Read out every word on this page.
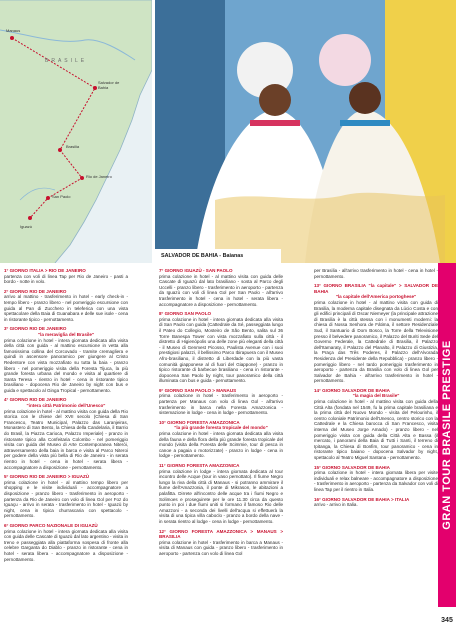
BRASILE
Manaus
Salvador de Bahia
Brasilia
Rio de Janeiro
San Paolo
Iguazù
SALVADOR DE BAHIA - Baianas

1° GIORNO ITALIA > RIO DE JANEIRO
partenza con voli di linea Tap per Rio de Janeiro - pasti a bordo - notte in volo.

2° GIORNO RIO DE JANEIRO
arrivo al mattino - trasferimento in hotel - early check-in - tempo libero - pranzo libero - nel pomeriggio escursione con guida al Pan di Zucchero in teleferica con una vista spettacolare della Baia di Guanabara e delle sue isole - cena in ristorante tipico - pernottamento.

3° GIORNO RIO DE JANEIRO

"la meraviglia del Brasile"
prima colazione in hotel - intera giornata dedicata alla visita della città con guida - al mattino escursione in vetta alla famosissima collina del Corcovado - tramite cremagliera e quindi in ascensore panoramico per giungere al Cristo Redentore con vista mozzafiato su tutta la baia - pranzo libero - nel pomeriggio visita della Foresta Tijuca, la più grande foresta urbana del mondo e visita al quartiere di Santa Teresa - rientro in hotel - cena in ristorante tipico brasiliano - dopocena Rio de Janeiro by night con bus e guida e spettacolo al Ginga Tropical - pernottamento.

4° GIORNO RIO DE JANEIRO

"intera città Patrimonio dell'Unesco"
prima colazione in hotel - al mattino visita con guida della Rio storica con le chiese del XVII secolo (Chiesa di San Francesco, Teatro Municipal, Palazzo das Laranjeiras, Monastero di San Bento, la Chiesa della Candelaria, il Barrio do Brasil, la Piazza Carioca, Palazzo Imperiale) - pranzo in ristorante tipico alla Confeitaria Colombo - nel pomeriggio visita con guida del Museo di Arte Contemporanea Niterói, attraversamento della baia in barca e visita al Parco Niteroi per godere della vista più bella di Rio de Janeiro - in serata rientro in hotel - cena in hotel - serata libera - accompagnatore a disposizione - pernottamento.

5° GIORNO RIO DE JANEIRO > IGUAZÙ
prima colazione in hotel - al mattino tempo libero per shopping e le visite individuali - accompagnatore a disposizione - pranzo libero - trasferimento in aeroporto - partenza da Rio de Janeiro con volo di linea Gol per Foz do Iguaçu - arrivo in serata - trasferimento in hotel - Iguazù by night, cena in tipica churrascaria con spettacolo - pernottamento.

6° GIORNO PARCO NAZIONALE DI IGUAZÙ
prima colazione in hotel - intera giornata dedicata alla visita con guida delle Cascate di Iguazù dal lato argentino - visita in treno e passeggiata alla piattaforma sospesa di fronte alla celebre Garganta do Diablo - pranzo in ristorante - cena in hotel - serata libera - accompagnatore a disposizione - pernottamento.

7° GIORNO IGUAZÙ - SAN PAOLO
prima colazione in hotel - al mattino visita con guida delle Cascate di Iguazù dal lato brasiliano - sosta al Parco degli Uccelli - pranzo libero - trasferimento in aeroporto - partenza da Iguazù con voli di linea Gol per San Paolo - all'arrivo trasferimento in hotel - cena in hotel - serata libera - accompagnatore a disposizione - pernottamento.

8° GIORNO SAN PAOLO
prima colazione in hotel - intera giornata dedicata alla visita di San Paolo con guida (Cattedrale da Sé, passeggiata lungo il Pateo do Collegio, Mosteiro de São Bento, salita sul 36 Torre Banespa Tower con vista mozzafiato sulla città - il distretto di Higienópolis una delle zone più eleganti della città - il Museo di Genmest Picosso, Paulista Avenue con i suoi prestigiosi palazzi, il bellissimo Parco Ibirapuera con il Museo Afro-brasiliano, il distretto di Liberdade con la più vasta comunità giapponese al di fuori del Giappone) - pranzo in tipico ristorante di barbecue brasiliano - cena in ristorante - dopocena San Paolo by night, tour panoramico della città illuminata con bus e guida - pernottamento.

9° GIORNO SAN PAOLO > MANAUS
prima colazione in hotel - trasferimento in aeroporto - partenza per Manaus con volo di linea Gol - all'arrivo trasferimento in barca nella Foresta Amazzonica - sistemazione in lodge - cena in lodge - pernottamento.

10° GIORNO FORESTA AMAZZONICA

"la più grande foresta tropicale del mondo"
prima colazione in hotel - intera giornata dedicata alla visita della fauna e della flora della più grande foresta tropicale del mondo (visita della Foresta delle Scimmie, tour di pesca in canoe a pagaia o motorizzate) - pranzo in lodge - cena in lodge - pernottamento.

11° GIORNO FORESTA AMAZZONICA
prima colazione in lodge - intera giornata dedicata al tour incontro delle Acque (tour in vaso pernottato). Il fiume Negro lungo la riva della città di Manaus - si potranno ammirare il fiume dell'Amazzonia, il ponte di Mikrason, le abitazioni a palafitta. Dirrete all'incontro delle acque tra i fiumi Negro e Solimoes e proseguirete per le ore 11.30 circa da questo punto in poi i due fiumi uniti si formano il famoso Rio delle Amazzoni - a seconda dei livelli dell'acqua si effettuerà la visita di una tipica villa caboclo - pranzo a bordo della nave - in serata rientro al lodge - cena in lodge - pernottamento.

12° GIORNO FORESTA AMAZZONICA > MANAUS > BRASILIA
prima colazione in hotel - trasferimento in barca a Manaus - visita di Manaus con guida - pranzo libero - trasferimento in aeroporto - partenza con volo di linea Gol

per Brasilia - all'arrivo trasferimento in hotel - cena in hotel - pernottamento.

13° GIORNO BRASILIA "la capitale" > SALVADOR DE BAHIA

"la capitale dell'America portoghese"
prima colazione in hotel - al mattino visita con guida di Brasilia, la moderna capitale disegnata da Lúcio Costa e con gli edifici principali di Oscar Niemeyer (la principale attrazione di Brasilia è la città stessa con i monumenti moderni: la chiesa di Nossa Senhora de Fátima, il settore Residenziale Sud, il Santuario di Dom Bosco, la Torre della Televisione presso il belvedere panoramico, il Palazzo del Buriti Sede del Governo Federale, la Cattedrale di Brasilia, il Palazzo dell'Itamaraty, il Palazzo del Planalto, il Palazzo di Giustizia, la Praça das Três Poderes, il Palazzo dell'Alvorada Residenza del Presidente della Repubblica) - pranzo libero - pomeriggio libero - nel tardo pomeriggio trasferimento in aeroporto - partenza da Brasilia con volo di linea Gol per Salvador de Bahia - all'arrivo trasferimento in hotel - pernottamento.

14° GIORNO SALVADOR DE BAHIA

"la magia del Brasile"
prima colazione in hotel - al mattino visita con guida della Città Alta (fondata nel 1549, fu la prima capitale brasiliana e la prima città del Nuovo Mondo - visita del Pelourinho, il centro coloniale Patrimonio dell'Unesco, centro storico con la Cattedrale e la Chiesa barocca di San Francesco, visita interna del Museo Jorge Amado) - pranzo libero - nel pomeriggio visita con guida della Città Alta e Bassa (il mercato, i panorami della Baia di Tutti i Santi, il terreno di Ipitanga, la Chiesa di Bonfim, tour panoramico - cena in ristorante tipico baiano - dopocena Salvador by night, spettacolo al Teatro Miguel Santana - pernottamento.

15° GIORNO SALVADOR DE BAHIA
prima colazione in hotel - intera giornata libera per visite individuali e relax balneare - accompagnatore a disposizione - trasferimento in aeroporto - partenza da Salvador con voli di linea Tap per il rientro in Italia.

16° GIORNO SALVADOR DE BAHIA > ITALIA
arrivo - arrivo in Italia.	GRAN TOUR BRASILE PRESTIGE
345
